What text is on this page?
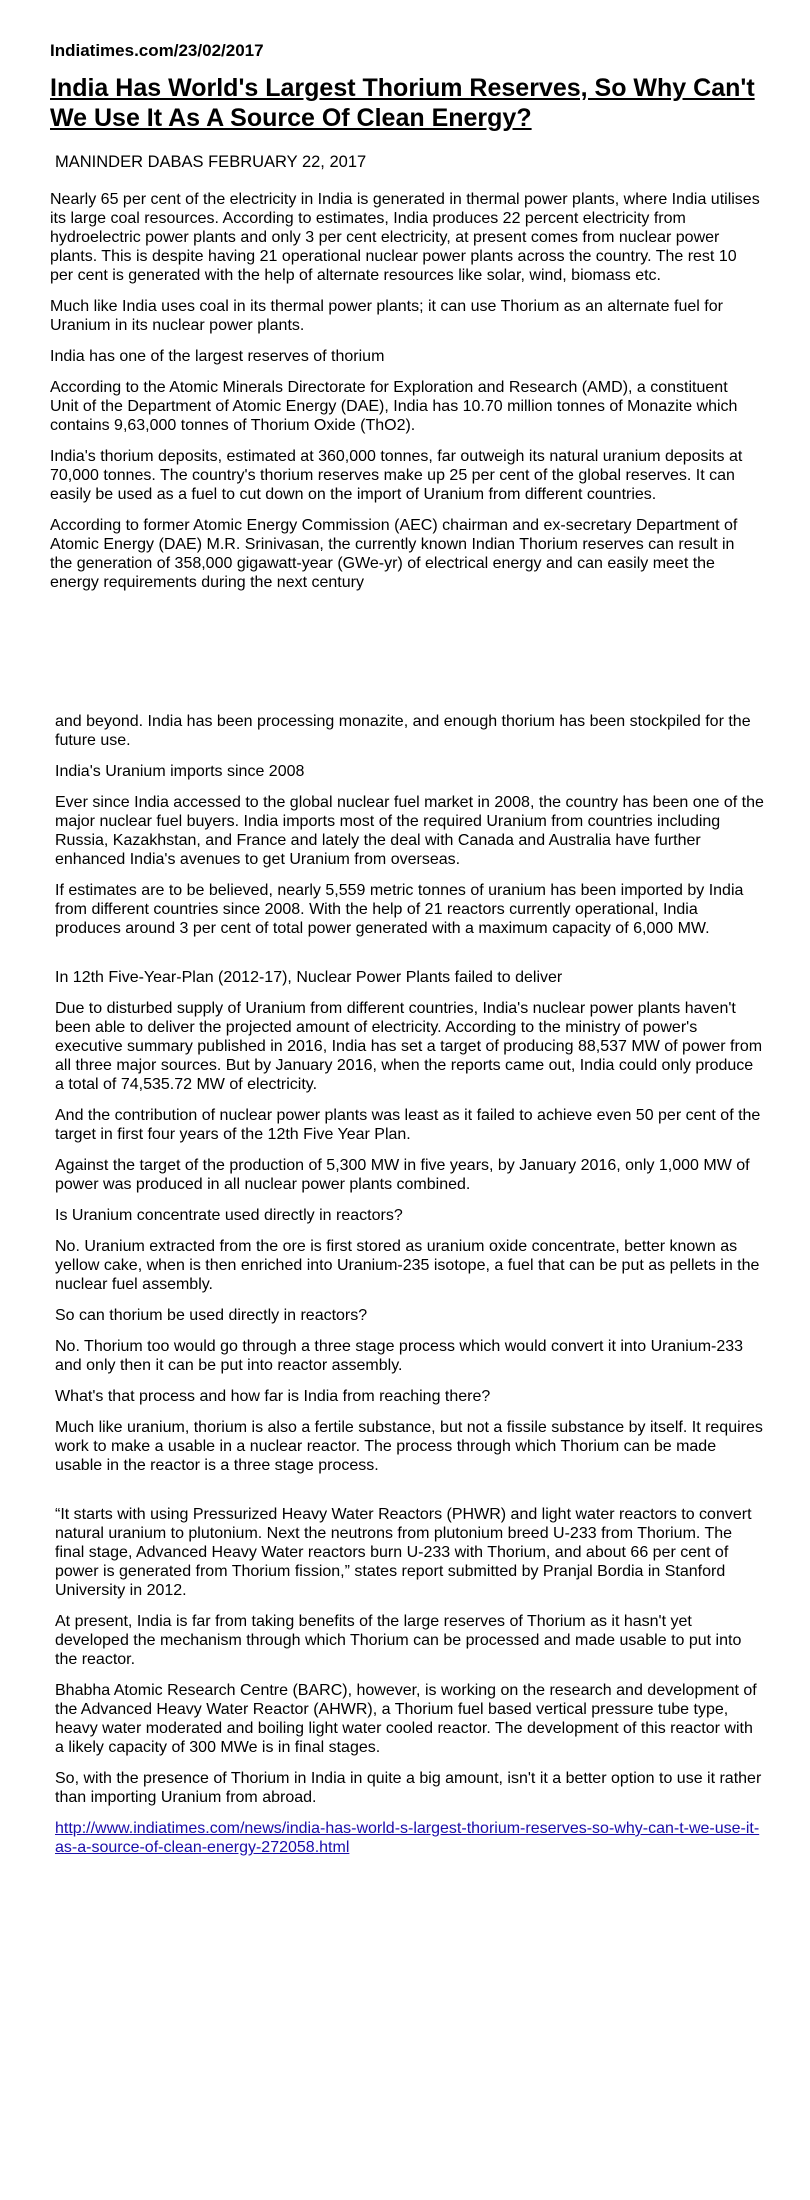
Indiatimes.com/23/02/2017

India Has World's Largest Thorium Reserves, So Why Can't We Use It As A Source Of Clean Energy?

MANINDER DABAS FEBRUARY 22, 2017

Nearly 65 per cent of the electricity in India is generated in thermal power plants, where India utilises its large coal resources. According to estimates, India produces 22 percent electricity from hydroelectric power plants and only 3 per cent electricity, at present comes from nuclear power plants. This is despite having 21 operational nuclear power plants across the country. The rest 10 per cent is generated with the help of alternate resources like solar, wind, biomass etc.

Much like India uses coal in its thermal power plants; it can use Thorium as an alternate fuel for Uranium in its nuclear power plants.

India has one of the largest reserves of thorium

According to the Atomic Minerals Directorate for Exploration and Research (AMD), a constituent Unit of the Department of Atomic Energy (DAE), India has 10.70 million tonnes of Monazite which contains 9,63,000 tonnes of Thorium Oxide (ThO2).

India's thorium deposits, estimated at 360,000 tonnes, far outweigh its natural uranium deposits at 70,000 tonnes. The country's thorium reserves make up 25 per cent of the global reserves. It can easily be used as a fuel to cut down on the import of Uranium from different countries.

According to former Atomic Energy Commission (AEC) chairman and ex-secretary Department of Atomic Energy (DAE) M.R. Srinivasan, the currently known Indian Thorium reserves can result in the generation of 358,000 gigawatt-year (GWe-yr) of electrical energy and can easily meet the energy requirements during the next century

and beyond. India has been processing monazite, and enough thorium has been stockpiled for the future use.

India's Uranium imports since 2008

Ever since India accessed to the global nuclear fuel market in 2008, the country has been one of the major nuclear fuel buyers. India imports most of the required Uranium from countries including Russia, Kazakhstan, and France and lately the deal with Canada and Australia have further enhanced India's avenues to get Uranium from overseas.

If estimates are to be believed, nearly 5,559 metric tonnes of uranium has been imported by India from different countries since 2008. With the help of 21 reactors currently operational, India produces around 3 per cent of total power generated with a maximum capacity of 6,000 MW.

In 12th Five-Year-Plan (2012-17), Nuclear Power Plants failed to deliver

Due to disturbed supply of Uranium from different countries, India's nuclear power plants haven't been able to deliver the projected amount of electricity. According to the ministry of power's executive summary published in 2016, India has set a target of producing 88,537 MW of power from all three major sources. But by January 2016, when the reports came out, India could only produce a total of 74,535.72 MW of electricity.

And the contribution of nuclear power plants was least as it failed to achieve even 50 per cent of the target in first four years of the 12th Five Year Plan.

Against the target of the production of 5,300 MW in five years, by January 2016, only 1,000 MW of power was produced in all nuclear power plants combined.

Is Uranium concentrate used directly in reactors?

No. Uranium extracted from the ore is first stored as uranium oxide concentrate, better known as yellow cake, when is then enriched into Uranium-235 isotope, a fuel that can be put as pellets in the nuclear fuel assembly.

So can thorium be used directly in reactors?

No. Thorium too would go through a three stage process which would convert it into Uranium-233 and only then it can be put into reactor assembly.

What's that process and how far is India from reaching there?

Much like uranium, thorium is also a fertile substance, but not a fissile substance by itself. It requires work to make a usable in a nuclear reactor. The process through which Thorium can be made usable in the reactor is a three stage process.

“It starts with using Pressurized Heavy Water Reactors (PHWR) and light water reactors to convert natural uranium to plutonium. Next the neutrons from plutonium breed U-233 from Thorium. The final stage, Advanced Heavy Water reactors burn U-233 with Thorium, and about 66 per cent of power is generated from Thorium fission,” states report submitted by Pranjal Bordia in Stanford University in 2012.

At present, India is far from taking benefits of the large reserves of Thorium as it hasn't yet developed the mechanism through which Thorium can be processed and made usable to put into the reactor.

Bhabha Atomic Research Centre (BARC), however, is working on the research and development of the Advanced Heavy Water Reactor (AHWR), a Thorium fuel based vertical pressure tube type, heavy water moderated and boiling light water cooled reactor. The development of this reactor with a likely capacity of 300 MWe is in final stages.

So, with the presence of Thorium in India in quite a big amount, isn't it a better option to use it rather than importing Uranium from abroad.

http://www.indiatimes.com/news/india-has-world-s-largest-thorium-reserves-so-why-can-t-we-use-it-as-a-source-of-clean-energy-272058.html
